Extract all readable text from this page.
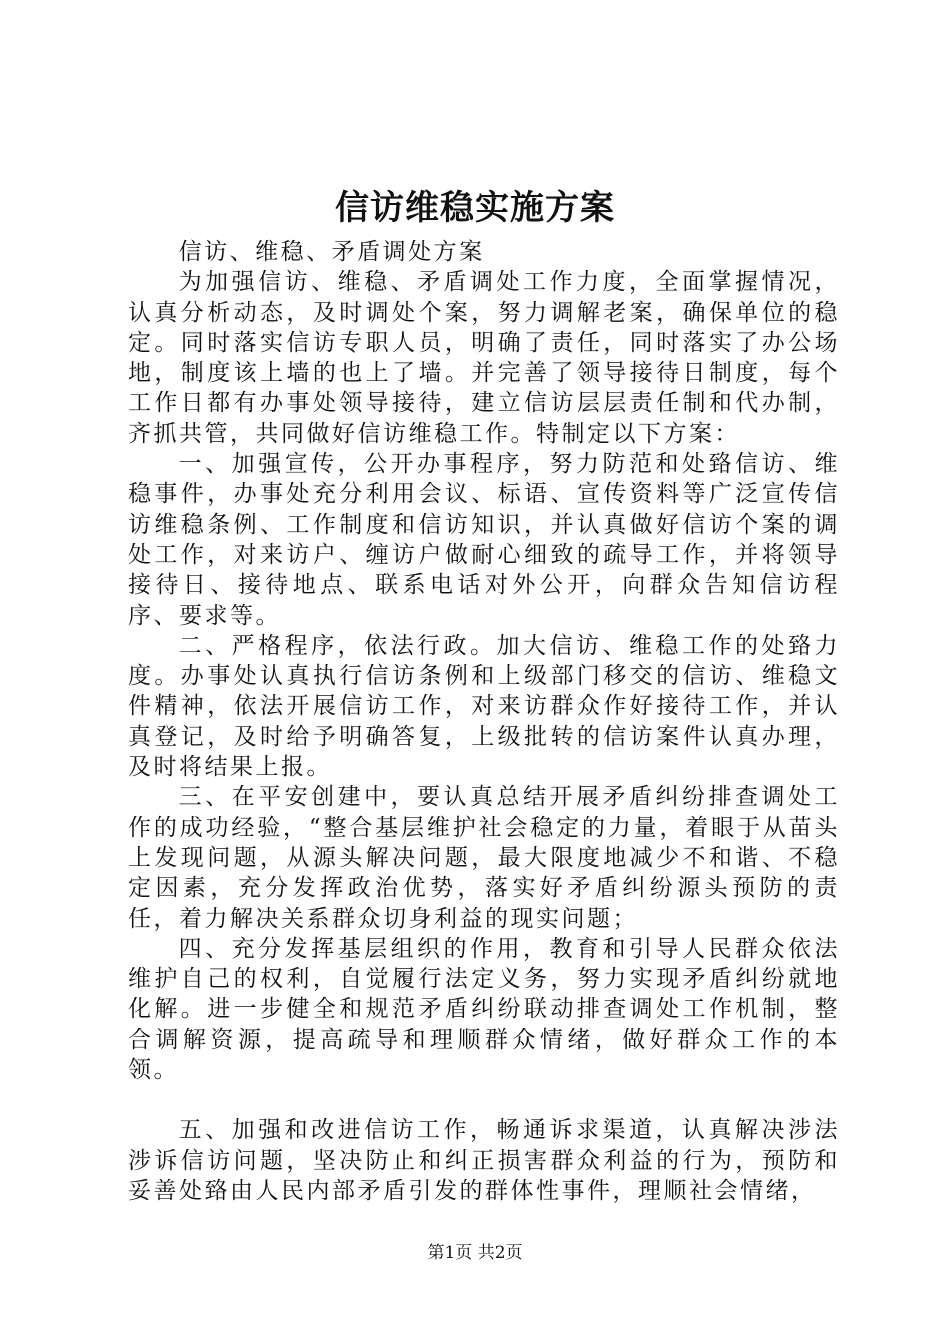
信访维稳实施方案

信访、维稳、矛盾调处方案

为加强信访、维稳、矛盾调处工作力度，全面掌握情况，认真分析动态，及时调处个案，努力调解老案，确保单位的稳定。同时落实信访专职人员，明确了责任，同时落实了办公场地，制度该上墙的也上了墙。并完善了领导接待日制度，每个工作日都有办事处领导接待，建立信访层层责任制和代办制，齐抓共管，共同做好信访维稳工作。特制定以下方案：

一、加强宣传，公开办事程序，努力防范和处臵信访、维稳事件，办事处充分利用会议、标语、宣传资料等广泛宣传信访维稳条例、工作制度和信访知识，并认真做好信访个案的调处工作，对来访户、缠访户做耐心细致的疏导工作，并将领导接待日、接待地点、联系电话对外公开，向群众告知信访程序、要求等。

二、严格程序，依法行政。加大信访、维稳工作的处臵力度。办事处认真执行信访条例和上级部门移交的信访、维稳文件精神，依法开展信访工作，对来访群众作好接待工作，并认真登记，及时给予明确答复，上级批转的信访案件认真办理，及时将结果上报。

三、在平安创建中，要认真总结开展矛盾纠纷排查调处工作的成功经验，“整合基层维护社会稳定的力量，着眼于从苗头上发现问题，从源头解决问题，最大限度地减少不和谐、不稳定因素，充分发挥政治优势，落实好矛盾纠纷源头预防的责任，着力解决关系群众切身利益的现实问题；

四、充分发挥基层组织的作用，教育和引导人民群众依法维护自己的权利，自觉履行法定义务，努力实现矛盾纠纷就地化解。进一步健全和规范矛盾纠纷联动排查调处工作机制，整合调解资源，提高疏导和理顺群众情绪，做好群众工作的本领。

五、加强和改进信访工作，畅通诉求渠道，认真解决涉法涉诉信访问题，坚决防止和纠正损害群众利益的行为，预防和妥善处臵由人民内部矛盾引发的群体性事件，理顺社会情绪，

第1页 共2页
